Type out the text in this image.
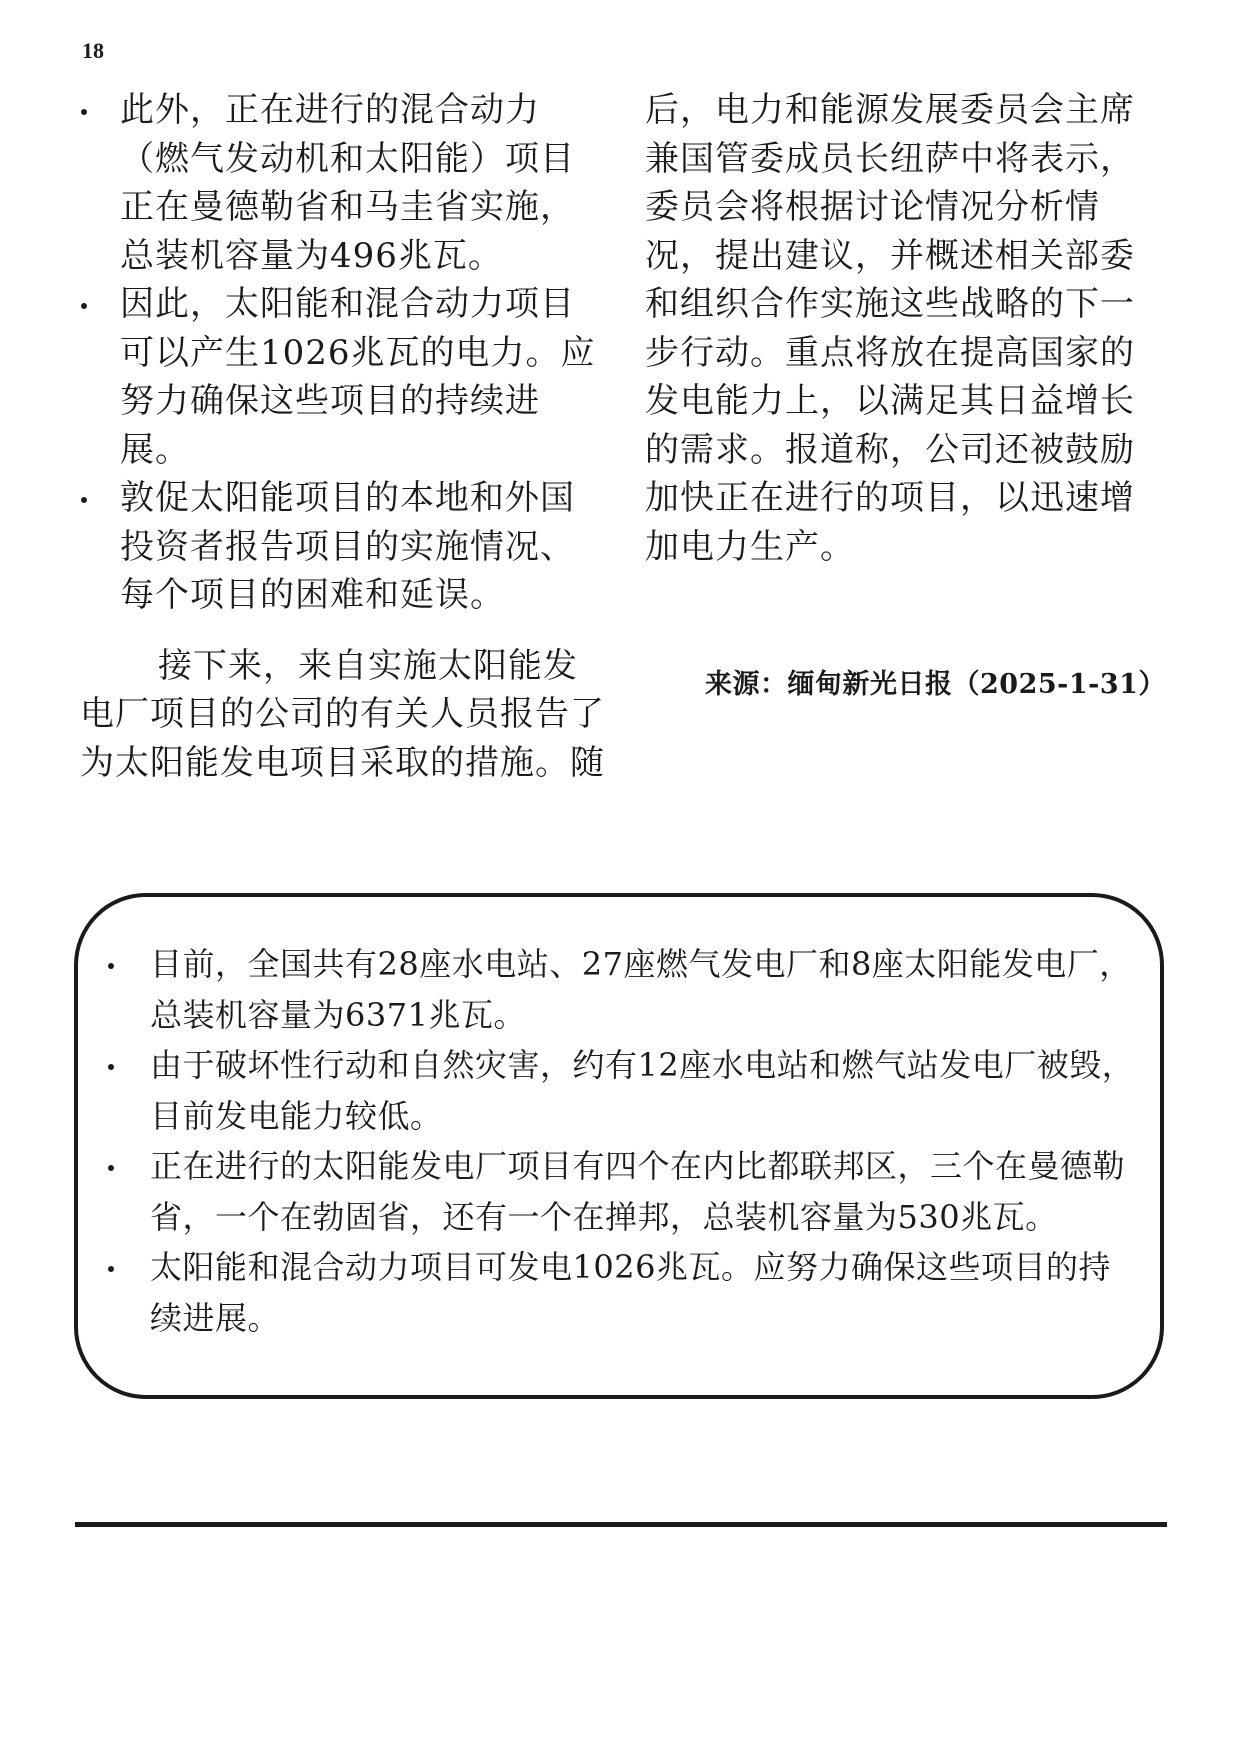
18
此外，正在进行的混合动力（燃气发动机和太阳能）项目正在曼德勒省和马圭省实施，总装机容量为496兆瓦。
因此，太阳能和混合动力项目可以产生1026兆瓦的电力。应努力确保这些项目的持续进展。
敦促太阳能项目的本地和外国投资者报告项目的实施情况、每个项目的困难和延误。

接下来，来自实施太阳能发电厂项目的公司的有关人员报告了为太阳能发电项目采取的措施。随

后，电力和能源发展委员会主席兼国管委成员长纽萨中将表示，委员会将根据讨论情况分析情况，提出建议，并概述相关部委和组织合作实施这些战略的下一步行动。重点将放在提高国家的发电能力上，以满足其日益增长的需求。报道称，公司还被鼓励加快正在进行的项目，以迅速增加电力生产。

来源：缅甸新光日报（2025-1-31）
目前，全国共有28座水电站、27座燃气发电厂和8座太阳能发电厂，总装机容量为6371兆瓦。
由于破坏性行动和自然灾害，约有12座水电站和燃气站发电厂被毁，目前发电能力较低。
正在进行的太阳能发电厂项目有四个在内比都联邦区，三个在曼德勒省，一个在勃固省，还有一个在掸邦，总装机容量为530兆瓦。
太阳能和混合动力项目可发电1026兆瓦。应努力确保这些项目的持续进展。
